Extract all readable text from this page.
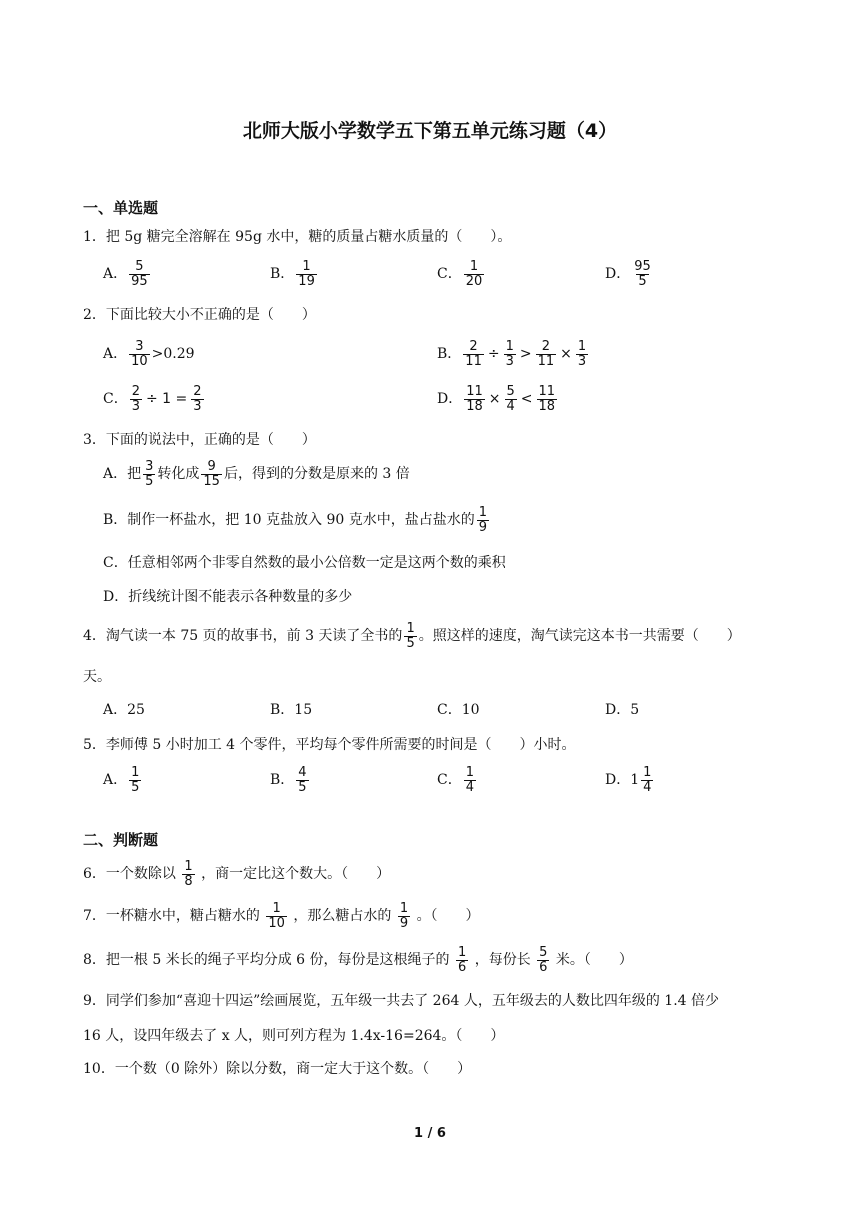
北师大版小学数学五下第五单元练习题（4）
一、单选题
1．把 5g 糖完全溶解在 95g 水中，糖的质量占糖水质量的（　　）。
A． $\frac{5}{95}$	B． $\frac{1}{19}$	C． $\frac{1}{20}$	D． $\frac{95}{5}$
2．下面比较大小不正确的是（　　）
A． $\frac{3}{10} >0.29$	B． $\frac{2}{11} \div \frac{1}{3} > \frac{2}{11} \times \frac{1}{3}$
C． $\frac{2}{3} \div 1 = \frac{2}{3}$	D． $\frac{11}{18} \times \frac{5}{4} < \frac{11}{18}$
3．下面的说法中，正确的是（　　）
A．把 $\frac{3}{5}$ 转化成 $\frac{9}{15}$ 后，得到的分数是原来的 3 倍
B．制作一杯盐水，把 10 克盐放入 90 克水中，盐占盐水的 $\frac{1}{9}$
C．任意相邻两个非零自然数的最小公倍数一定是这两个数的乘积
D．折线统计图不能表示各种数量的多少
4．淘气读一本 75 页的故事书，前 3 天读了全书的 $\frac{1}{5}$ 。照这样的速度，淘气读完这本书一共需要（　　）
天。
A．25	B．15	C．10	D．5
5．李师傅 5 小时加工 4 个零件，平均每个零件所需要的时间是（　　）小时。
A． $\frac{1}{5}$	B． $\frac{4}{5}$	C． $\frac{1}{4}$	D． $1 \frac{1}{4}$
二、判断题
6．一个数除以 $\frac{1}{8}$ ，商一定比这个数大。（　　）
7．一杯糖水中，糖占糖水的 $\frac{1}{10}$ ，那么糖占水的 $\frac{1}{9}$ 。（　　）
8．把一根 5 米长的绳子平均分成 6 份，每份是这根绳子的 $\frac{1}{6}$ ，每份长 $\frac{5}{6}$ 米。（　　）
9．同学们参加“喜迎十四运”绘画展览，五年级一共去了 264 人，五年级去的人数比四年级的 1.4 倍少
16 人，设四年级去了 x 人，则可列方程为 1.4x-16=264。（　　）
10．一个数（0 除外）除以分数，商一定大于这个数。（　　）
1 / 6
